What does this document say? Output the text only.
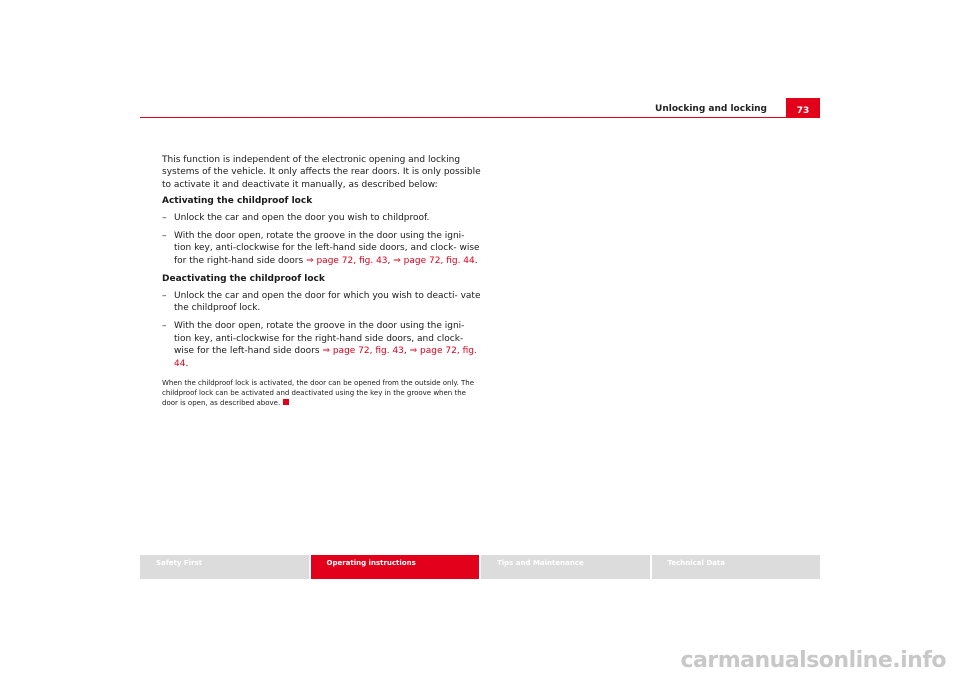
Unlocking and locking	73

This function is independent of the electronic opening and locking systems of the vehicle. It only affects the rear doors. It is only possible to activate it and deactivate it manually, as described below:

Activating the childproof lock
– Unlock the car and open the door you wish to childproof.
– With the door open, rotate the groove in the door using the igni- tion key, anti-clockwise for the left-hand side doors, and clock- wise for the right-hand side doors ⇒ page 72, fig. 43, ⇒ page 72, fig. 44.
Deactivating the childproof lock
– Unlock the car and open the door for which you wish to deacti- vate the childproof lock.
– With the door open, rotate the groove in the door using the igni- tion key, anti-clockwise for the right-hand side doors, and clock- wise for the left-hand side doors ⇒ page 72, fig. 43, ⇒ page 72, fig. 44.
When the childproof lock is activated, the door can be opened from the outside only. The childproof lock can be activated and deactivated using the key in the groove when the door is open, as described above.
Safety First	Operating instructions	Tips and Maintenance	Technical Data
carmanualsonline.info
